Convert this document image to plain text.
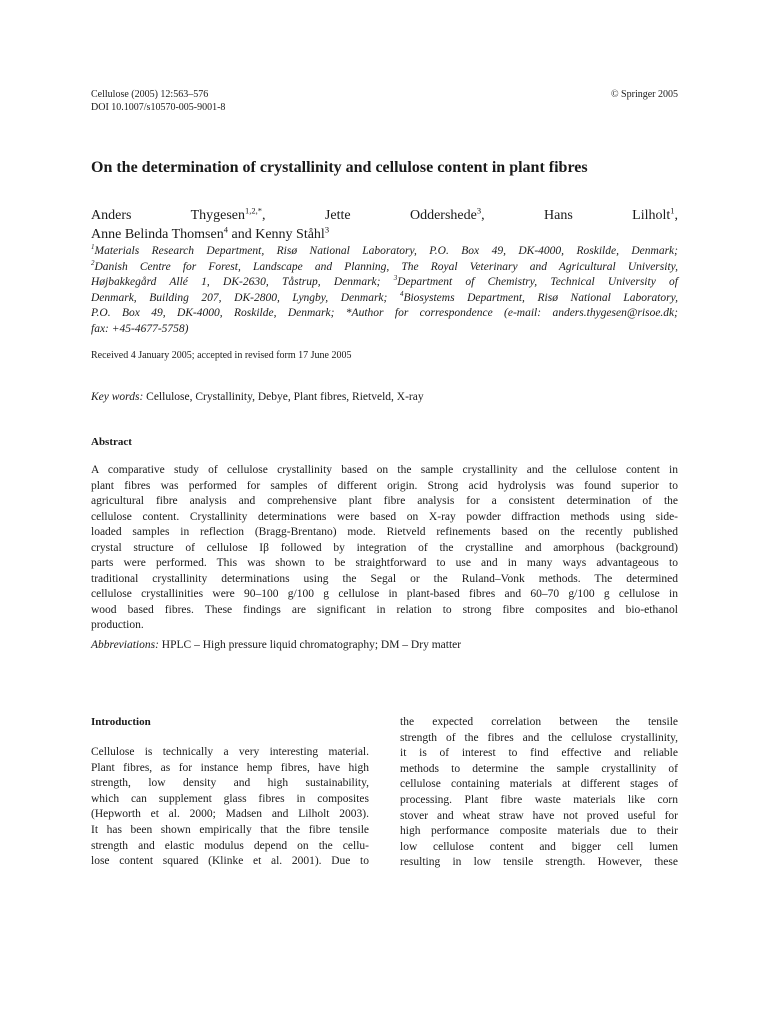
Cellulose (2005) 12:563–576
DOI 10.1007/s10570-005-9001-8
© Springer 2005
On the determination of crystallinity and cellulose content in plant fibres
Anders Thygesen$^{1,2,*}$, Jette Oddershede$^3$, Hans Lilholt$^1$,
Anne Belinda Thomsen$^4$ and Kenny Ståhl$^3$
$^1$Materials Research Department, Risø National Laboratory, P.O. Box 49, DK-4000, Roskilde, Denmark;
$^2$Danish Centre for Forest, Landscape and Planning, The Royal Veterinary and Agricultural University,
Højbakkegård Allé 1, DK-2630, Tåstrup, Denmark; $^3$Department of Chemistry, Technical University of
Denmark, Building 207, DK-2800, Lyngby, Denmark; $^4$Biosystems Department, Risø National Laboratory,
P.O. Box 49, DK-4000, Roskilde, Denmark; *Author for correspondence (e-mail: anders.thygesen@risoe.dk;
fax: +45-4677-5758)
Received 4 January 2005; accepted in revised form 17 June 2005
Key words: Cellulose, Crystallinity, Debye, Plant fibres, Rietveld, X-ray
Abstract
A comparative study of cellulose crystallinity based on the sample crystallinity and the cellulose content in
plant fibres was performed for samples of different origin. Strong acid hydrolysis was found superior to
agricultural fibre analysis and comprehensive plant fibre analysis for a consistent determination of the
cellulose content. Crystallinity determinations were based on X-ray powder diffraction methods using side-
loaded samples in reflection (Bragg-Brentano) mode. Rietveld refinements based on the recently published
crystal structure of cellulose Iβ followed by integration of the crystalline and amorphous (background)
parts were performed. This was shown to be straightforward to use and in many ways advantageous to
traditional crystallinity determinations using the Segal or the Ruland–Vonk methods. The determined
cellulose crystallinities were 90–100 g/100 g cellulose in plant-based fibres and 60–70 g/100 g cellulose in
wood based fibres. These findings are significant in relation to strong fibre composites and bio-ethanol
production.
Abbreviations: HPLC – High pressure liquid chromatography; DM – Dry matter
Introduction
Cellulose is technically a very interesting material.
Plant fibres, as for instance hemp fibres, have high
strength, low density and high sustainability,
which can supplement glass fibres in composites
(Hepworth et al. 2000; Madsen and Lilholt 2003).
It has been shown empirically that the fibre tensile
strength and elastic modulus depend on the cellu-
lose content squared (Klinke et al. 2001). Due to
the expected correlation between the tensile
strength of the fibres and the cellulose crystallinity,
it is of interest to find effective and reliable
methods to determine the sample crystallinity of
cellulose containing materials at different stages of
processing. Plant fibre waste materials like corn
stover and wheat straw have not proved useful for
high performance composite materials due to their
low cellulose content and bigger cell lumen
resulting in low tensile strength. However, these
